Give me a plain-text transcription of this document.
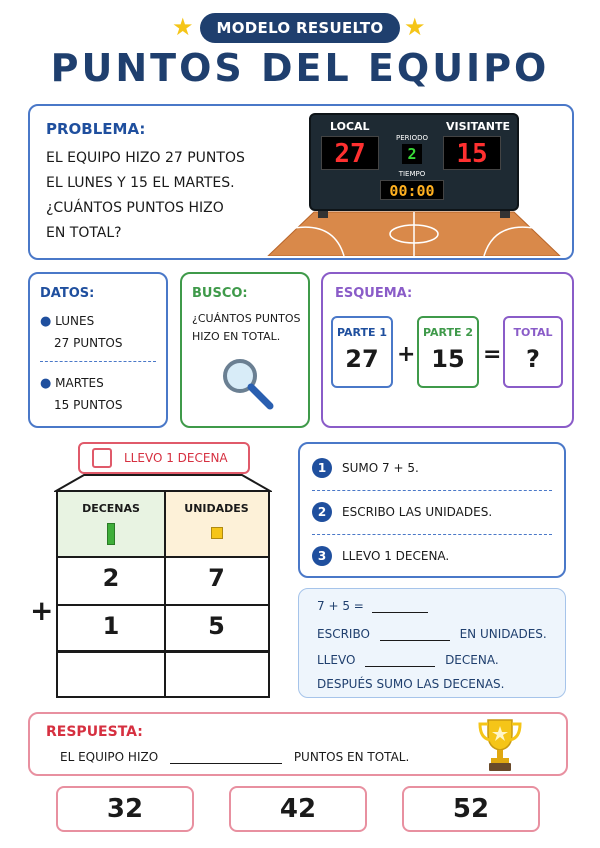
★	MODELO RESUELTO ★
PUNTOS DEL EQUIPO
PROBLEMA:
EL EQUIPO HIZO 27 PUNTOS
EL LUNES Y 15 EL MARTES.
¿CUÁNTOS PUNTOS HIZO
EN TOTAL?
LOCAL	VISITANTE
27	15
PERIODO
2
TIEMPO
00:00
DATOS:
● LUNES
27 PUNTOS
● MARTES
15 PUNTOS
BUSCO:
¿CUÁNTOS PUNTOS
HIZO EN TOTAL.
ESQUEMA:
PARTE 1
27 +
PARTE 2
15 =
TOTAL
?
LLEVO 1 DECENA
DECENAS	UNIDADES
2	7
1	5
+
1	SUMO 7 + 5.
2	ESCRIBO LAS UNIDADES.
3	LLEVO 1 DECENA.
7 + 5 =
ESCRIBO	EN UNIDADES.
LLEVO	DECENA.
DESPUÉS SUMO LAS DECENAS.
RESPUESTA:
EL EQUIPO HIZO	PUNTOS EN TOTAL.
32	42	52
